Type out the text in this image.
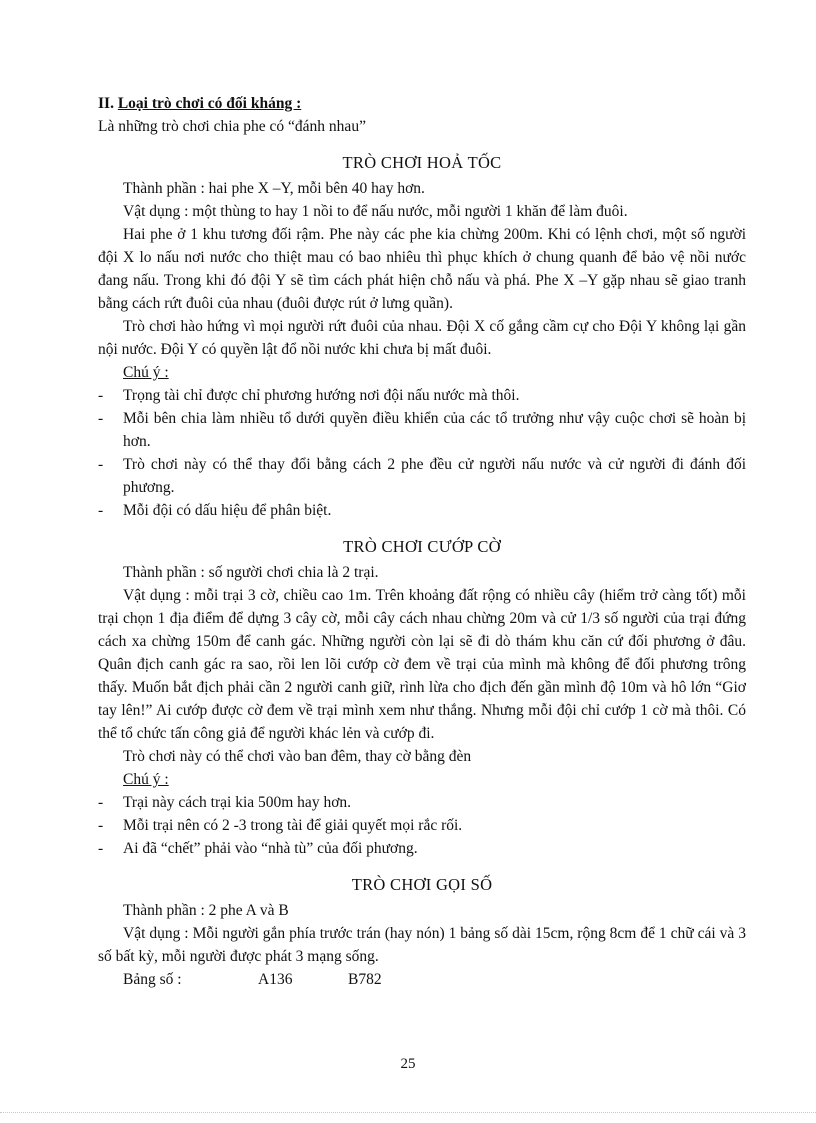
II. Loại trò chơi có đối kháng :

Là những trò chơi chia phe có “đánh nhau”

TRÒ CHƠI HOẢ TỐC

Thành phần : hai phe X –Y, mỗi bên 40 hay hơn.

Vật dụng : một thùng to hay 1 nồi to để nấu nước, mỗi người 1 khăn để làm đuôi.

Hai phe ở 1 khu tương đối rậm. Phe này các phe kia chừng 200m. Khi có lệnh chơi, một số người đội X lo nấu nơi nước cho thiệt mau có bao nhiêu thì phục khích ở chung quanh để bảo vệ nồi nước đang nấu. Trong khi đó đội Y sẽ tìm cách phát hiện chỗ nấu và phá. Phe X –Y gặp nhau sẽ giao tranh bằng cách rứt đuôi của nhau (đuôi được rút ở lưng quần).

Trò chơi hào hứng vì mọi người rứt đuôi của nhau. Đội X cố gắng cầm cự cho Đội Y không lại gần nội nước. Đội Y có quyền lật đổ nồi nước khi chưa bị mất đuôi.

Chú ý :

- Trọng tài chỉ được chỉ phương hướng nơi đội nấu nước mà thôi.
- Mỗi bên chia làm nhiều tổ dưới quyền điều khiển của các tổ trưởng như vậy cuộc chơi sẽ hoàn bị hơn.
- Trò chơi này có thể thay đổi bằng cách 2 phe đều cử người nấu nước và cử người đi đánh đối phương.
- Mỗi đội có dấu hiệu để phân biệt.

TRÒ CHƠI CƯỚP CỜ

Thành phần : số người chơi chia là 2 trại.

Vật dụng : mỗi trại 3 cờ, chiều cao 1m. Trên khoảng đất rộng có nhiều cây (hiểm trở càng tốt) mỗi trại chọn 1 địa điểm để dựng 3 cây cờ, mỗi cây cách nhau chừng 20m và cử 1/3 số người của trại đứng cách xa chừng 150m để canh gác. Những người còn lại sẽ đi dò thám khu căn cứ đối phương ở đâu. Quân địch canh gác ra sao, rồi len lõi cướp cờ đem về trại của mình mà không để đối phương trông thấy. Muốn bắt địch phải cần 2 người canh giữ, rình lừa cho địch đến gần mình độ 10m và hô lớn “Giơ tay lên!” Ai cướp được cờ đem về trại mình xem như thắng. Nhưng mỗi đội chỉ cướp 1 cờ mà thôi. Có thể tổ chức tấn công giả để người khác lẻn và cướp đi.

Trò chơi này có thể chơi vào ban đêm, thay cờ bằng đèn

Chú ý :

- Trại này cách trại kia 500m hay hơn.
- Mỗi trại nên có 2 -3 trong tài để giải quyết mọi rắc rối.
- Ai đã “chết” phải vào “nhà tù” của đối phương.

TRÒ CHƠI GỌI SỐ

Thành phần : 2 phe A và B

Vật dụng : Mỗi người gắn phía trước trán (hay nón) 1 bảng số dài 15cm, rộng 8cm để 1 chữ cái và 3 số bất kỳ, mỗi người được phát 3 mạng sống.

Bảng số :	A136	B782

25
